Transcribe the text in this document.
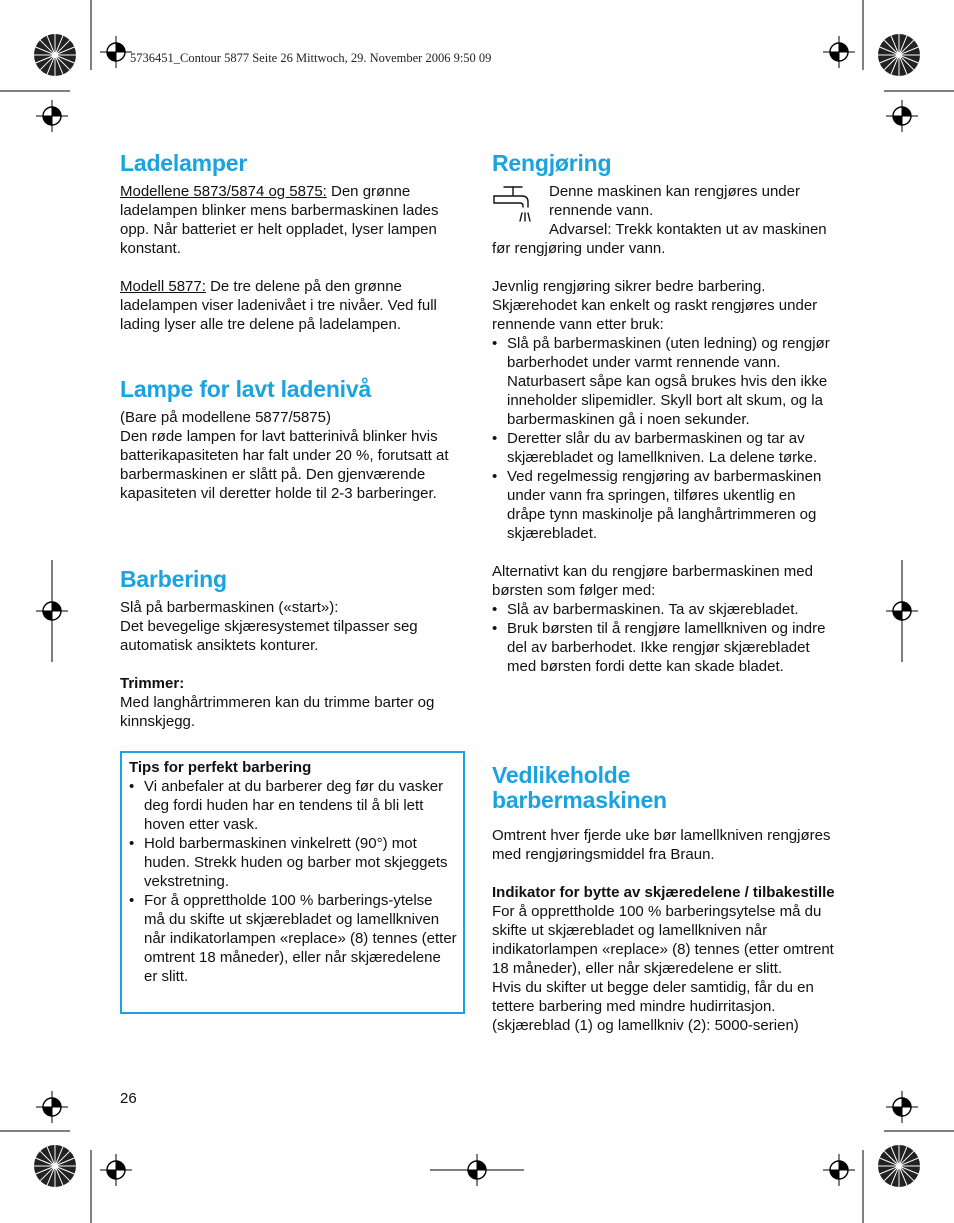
5736451_Contour 5877 Seite 26 Mittwoch, 29. November 2006 9:50 09
Ladelamper

Modellene 5873/5874 og 5875: Den grønne ladelampen blinker mens barbermaskinen lades opp. Når batteriet er helt oppladet, lyser lampen konstant.

Modell 5877: De tre delene på den grønne ladelampen viser ladenivået i tre nivåer. Ved full lading lyser alle tre delene på ladelampen.

Lampe for lavt ladenivå

(Bare på modellene 5877/5875)

Den røde lampen for lavt batterinivå blinker hvis batterikapasiteten har falt under 20 %, forutsatt at barbermaskinen er slått på. Den gjenværende kapasiteten vil deretter holde til 2-3 barberinger.

Barbering

Slå på barbermaskinen («start»):

Det bevegelige skjæresystemet tilpasser seg automatisk ansiktets konturer.

Trimmer:

Med langhårtrimmeren kan du trimme barter og kinnskjegg.

Tips for perfekt barbering

• Vi anbefaler at du barberer deg før du vasker deg fordi huden har en tendens til å bli lett hoven etter vask.
• Hold barbermaskinen vinkelrett (90°) mot huden. Strekk huden og barber mot skjeggets vekstretning.
• For å opprettholde 100 % barberings-ytelse må du skifte ut skjærebladet og lamellkniven når indikatorlampen «replace» (8) tennes (etter omtrent 18 måneder), eller når skjæredelene er slitt.
26
Rengjøring

Denne maskinen kan rengjøres under rennende vann.

Advarsel: Trekk kontakten ut av maskinen før rengjøring under vann.

Jevnlig rengjøring sikrer bedre barbering. Skjærehodet kan enkelt og raskt rengjøres under rennende vann etter bruk:

• Slå på barbermaskinen (uten ledning) og rengjør barberhodet under varmt rennende vann. Naturbasert såpe kan også brukes hvis den ikke inneholder slipemidler. Skyll bort alt skum, og la barbermaskinen gå i noen sekunder.
• Deretter slår du av barbermaskinen og tar av skjærebladet og lamellkniven. La delene tørke.
• Ved regelmessig rengjøring av barbermaskinen under vann fra springen, tilføres ukentlig en dråpe tynn maskinolje på langhårtrimmeren og skjærebladet.

Alternativt kan du rengjøre barbermaskinen med børsten som følger med:

• Slå av barbermaskinen. Ta av skjærebladet.
• Bruk børsten til å rengjøre lamellkniven og indre del av barberhodet. Ikke rengjør skjærebladet med børsten fordi dette kan skade bladet.
Vedlikeholde
barbermaskinen

Omtrent hver fjerde uke bør lamellkniven rengjøres med rengjøringsmiddel fra Braun.

Indikator for bytte av skjæredelene / tilbakestille

For å opprettholde 100 % barberingsytelse må du skifte ut skjærebladet og lamellkniven når indikatorlampen «replace» (8) tennes (etter omtrent 18 måneder), eller når skjæredelene er slitt.

Hvis du skifter ut begge deler samtidig, får du en tettere barbering med mindre hudirritasjon. (skjæreblad (1) og lamellkniv (2): 5000-serien)
